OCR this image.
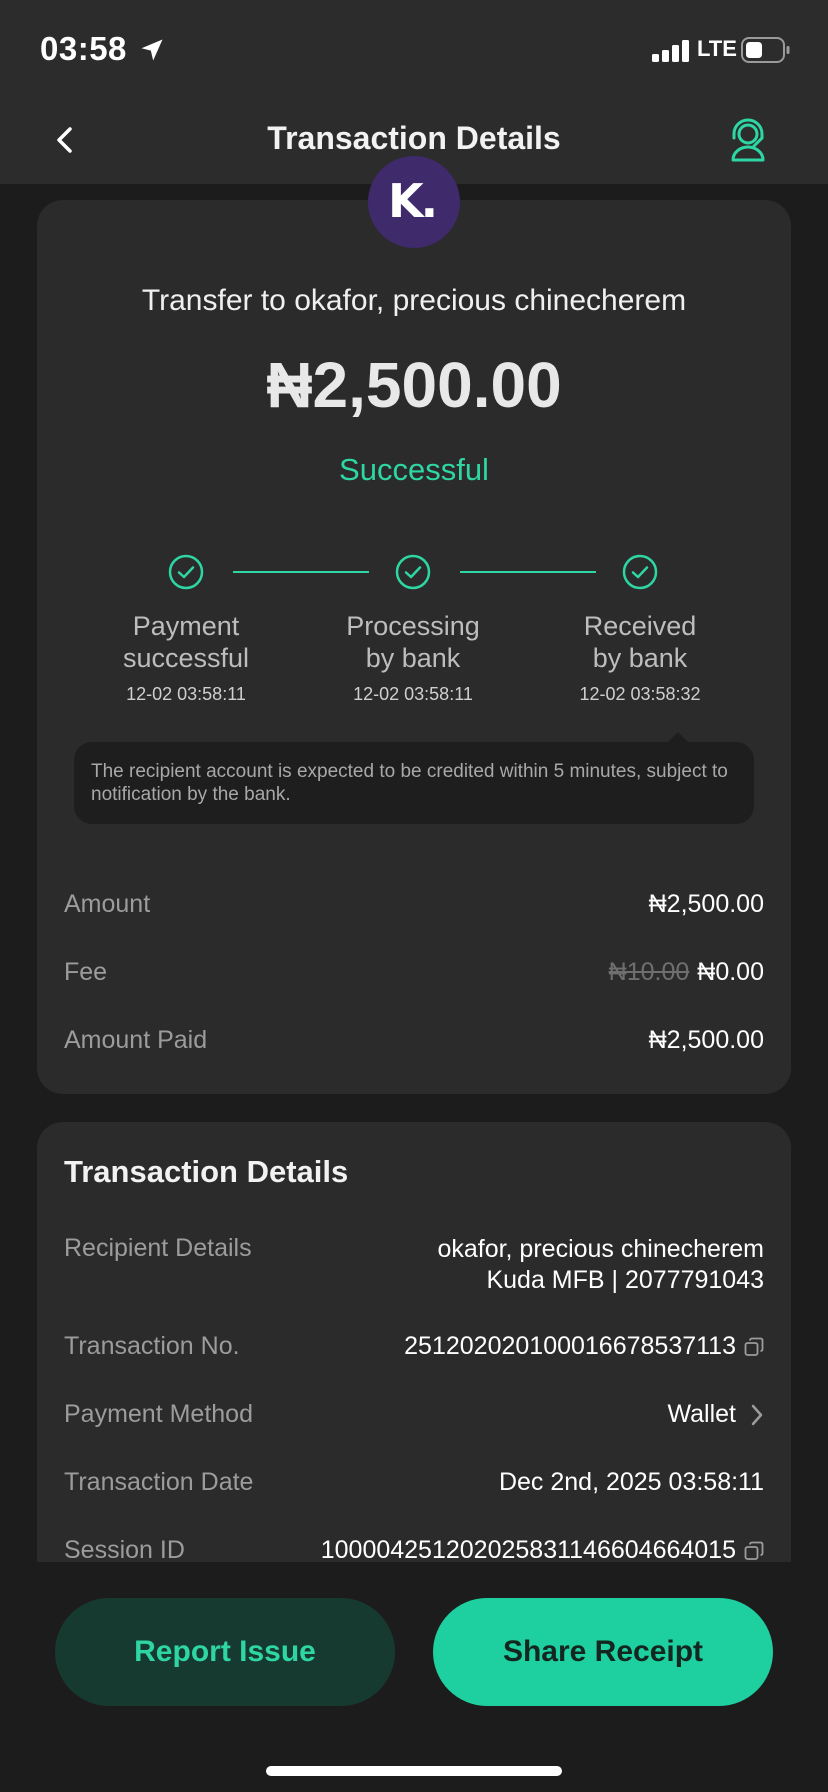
03:58	LTE
Transaction Details
K.
Transfer to okafor, precious chinecherem
₦2,500.00
Successful
Payment
successful
12-02 03:58:11
Processing
by bank
12-02 03:58:11
Received
by bank
12-02 03:58:32
The recipient account is expected to be credited within 5 minutes, subject to notification by the bank.
Amount	₦2,500.00
Fee	₦10.00 ₦0.00
Amount Paid	₦2,500.00
Transaction Details
Recipient Details	okafor, precious chinecherem
Kuda MFB | 2077791043
Transaction No.	251202020100016678537113
Payment Method	Wallet
Transaction Date	Dec 2nd, 2025 03:58:11
Session ID	100004251202025831146604664015
Report Issue	Share Receipt
